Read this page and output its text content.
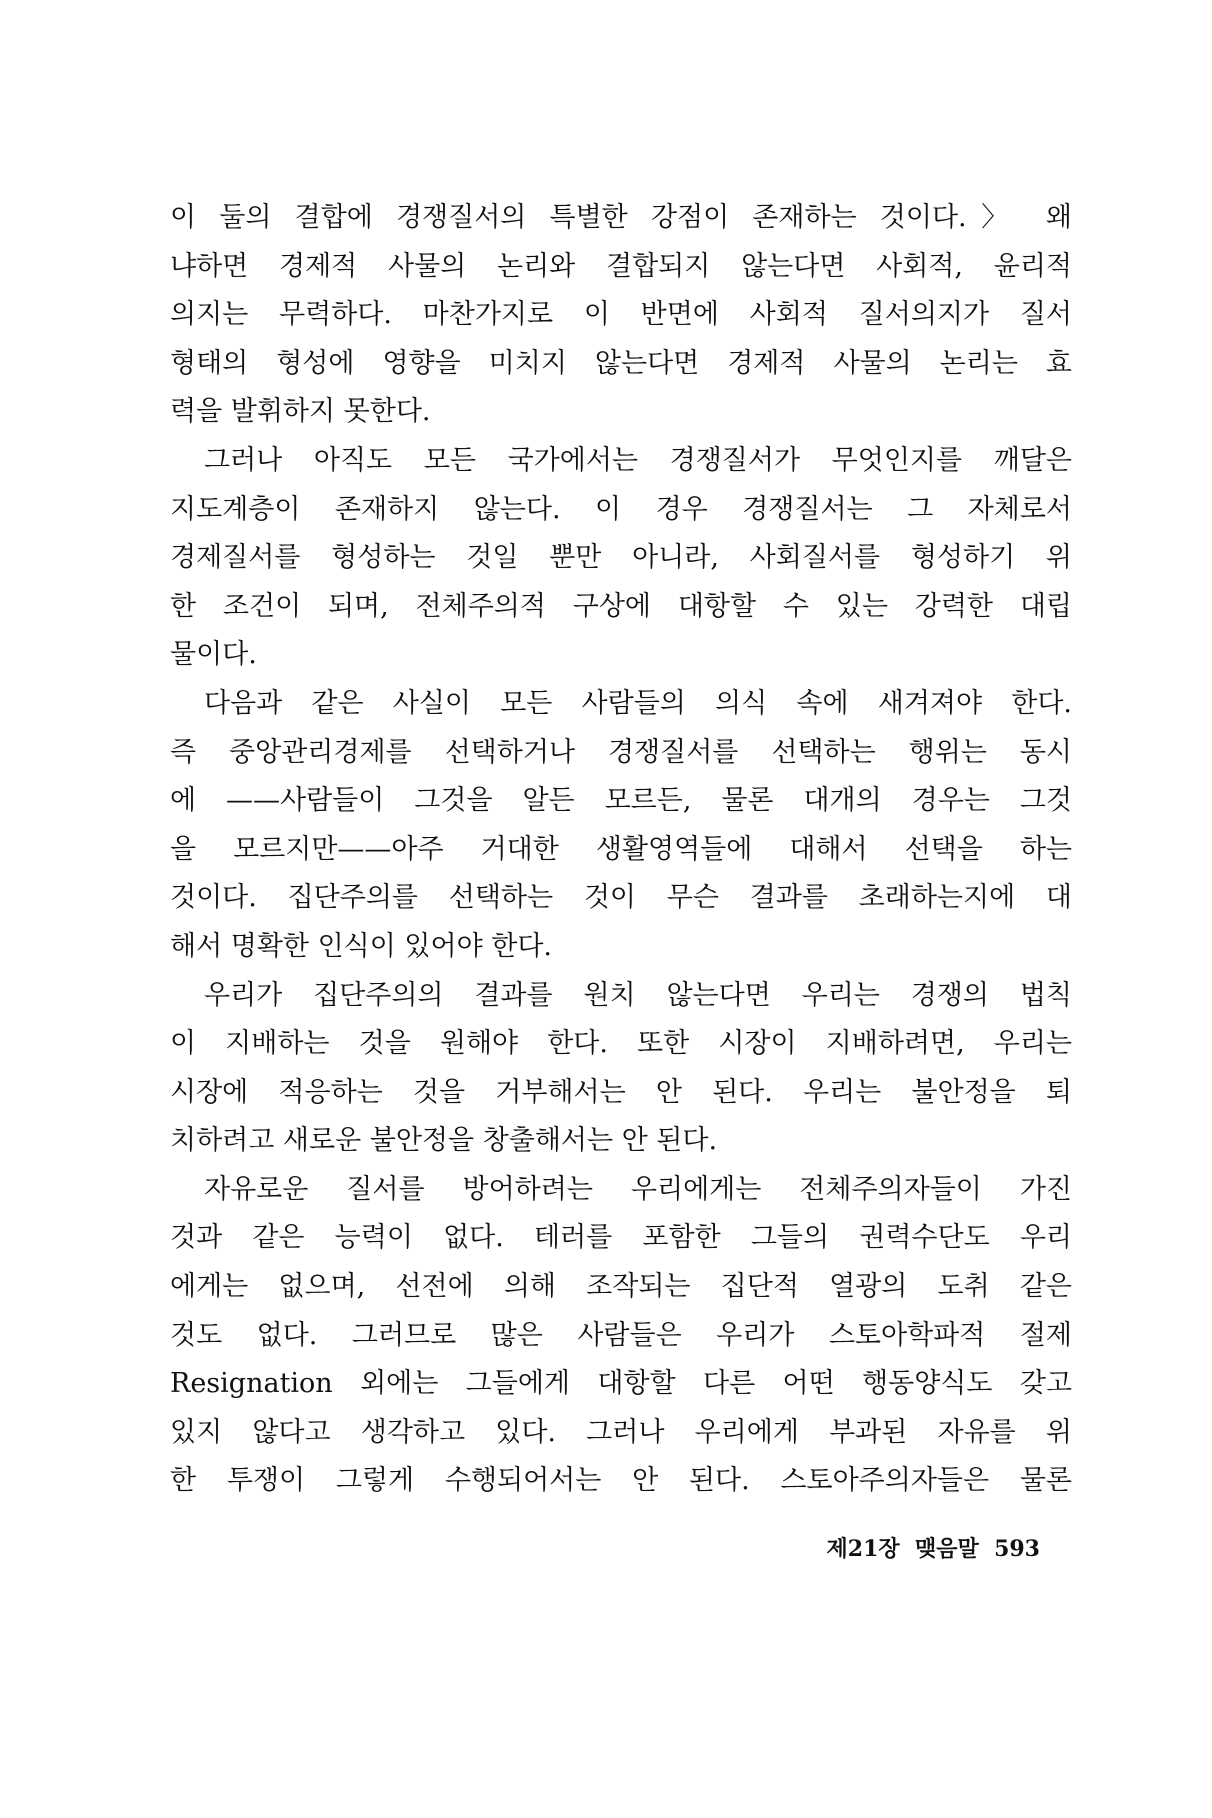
이 둘의 결합에 경쟁질서의 특별한 강점이 존재하는 것이다.〉 왜
냐하면 경제적 사물의 논리와 결합되지 않는다면 사회적, 윤리적
의지는 무력하다. 마찬가지로 이 반면에 사회적 질서의지가 질서
형태의 형성에 영향을 미치지 않는다면 경제적 사물의 논리는 효
력을 발휘하지 못한다.
그러나 아직도 모든 국가에서는 경쟁질서가 무엇인지를 깨달은
지도계층이 존재하지 않는다. 이 경우 경쟁질서는 그 자체로서
경제질서를 형성하는 것일 뿐만 아니라, 사회질서를 형성하기 위
한 조건이 되며, 전체주의적 구상에 대항할 수 있는 강력한 대립
물이다.
다음과 같은 사실이 모든 사람들의 의식 속에 새겨져야 한다.
즉 중앙관리경제를 선택하거나 경쟁질서를 선택하는 행위는 동시
에 ——사람들이 그것을 알든 모르든, 물론 대개의 경우는 그것
을 모르지만——아주 거대한 생활영역들에 대해서 선택을 하는
것이다. 집단주의를 선택하는 것이 무슨 결과를 초래하는지에 대
해서 명확한 인식이 있어야 한다.
우리가 집단주의의 결과를 원치 않는다면 우리는 경쟁의 법칙
이 지배하는 것을 원해야 한다. 또한 시장이 지배하려면, 우리는
시장에 적응하는 것을 거부해서는 안 된다. 우리는 불안정을 퇴
치하려고 새로운 불안정을 창출해서는 안 된다.
자유로운 질서를 방어하려는 우리에게는 전체주의자들이 가진
것과 같은 능력이 없다. 테러를 포함한 그들의 권력수단도 우리
에게는 없으며, 선전에 의해 조작되는 집단적 열광의 도취 같은
것도 없다. 그러므로 많은 사람들은 우리가 스토아학파적 절제
Resignation 외에는 그들에게 대항할 다른 어떤 행동양식도 갖고
있지 않다고 생각하고 있다. 그러나 우리에게 부과된 자유를 위
한 투쟁이 그렇게 수행되어서는 안 된다. 스토아주의자들은 물론
제21장 맺음말 593
